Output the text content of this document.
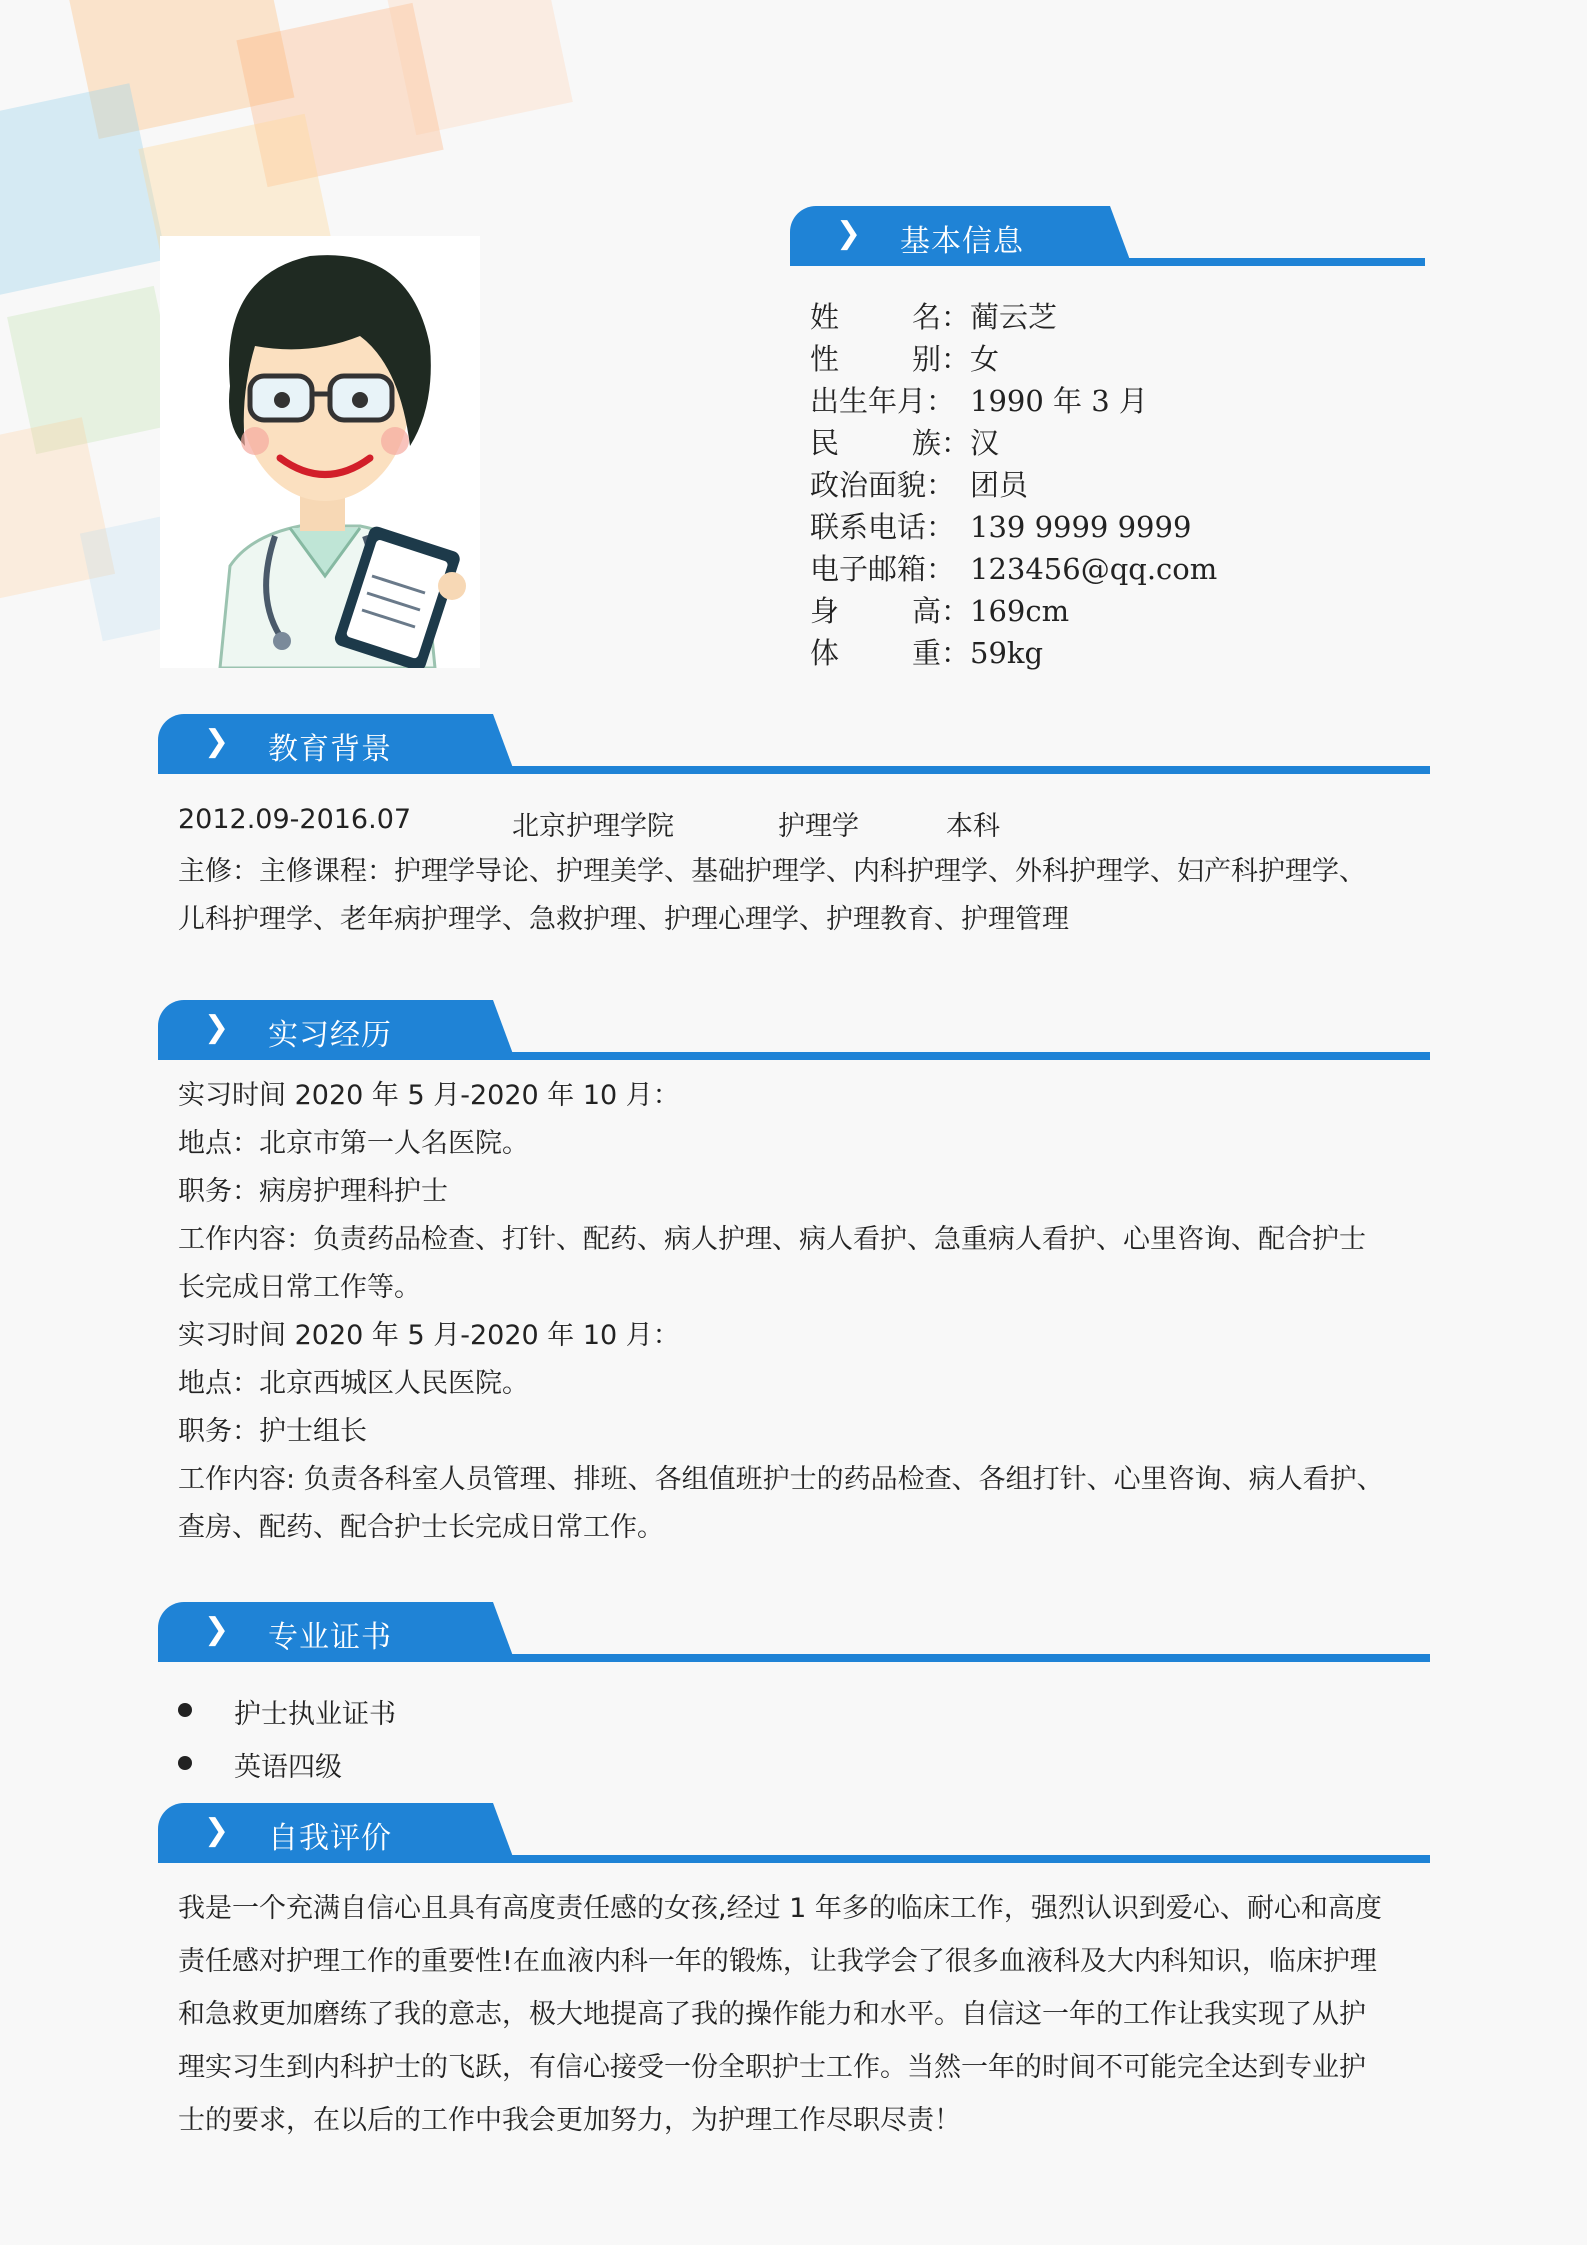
❯ 基本信息
姓	名： 蔺云芝
性	别： 女
出生年月： 1990 年 3 月
民	族： 汉
政治面貌： 团员
联系电话： 139 9999 9999
电子邮箱： 123456@qq.com
身	高： 169cm
体	重： 59kg
❯ 教育背景
2012.09-2016.07	北京护理学院	护理学	本科
主修：主修课程：护理学导论、护理美学、基础护理学、内科护理学、外科护理学、妇产科护理学、
儿科护理学、老年病护理学、急救护理、护理心理学、护理教育、护理管理
❯ 实习经历
实习时间 2020 年 5 月-2020 年 10 月：
地点：北京市第一人名医院。
职务：病房护理科护士
工作内容：负责药品检查、打针、配药、病人护理、病人看护、急重病人看护、心里咨询、配合护士
长完成日常工作等。
实习时间 2020 年 5 月-2020 年 10 月：
地点：北京西城区人民医院。
职务：护士组长
工作内容: 负责各科室人员管理、排班、各组值班护士的药品检查、各组打针、心里咨询、病人看护、
查房、配药、配合护士长完成日常工作。
❯ 专业证书
护士执业证书
英语四级
❯ 自我评价
我是一个充满自信心且具有高度责任感的女孩,经过 1 年多的临床工作，强烈认识到爱心、耐心和高度
责任感对护理工作的重要性!在血液内科一年的锻炼，让我学会了很多血液科及大内科知识，临床护理
和急救更加磨练了我的意志，极大地提高了我的操作能力和水平。自信这一年的工作让我实现了从护
理实习生到内科护士的飞跃，有信心接受一份全职护士工作。当然一年的时间不可能完全达到专业护
士的要求，在以后的工作中我会更加努力，为护理工作尽职尽责！
